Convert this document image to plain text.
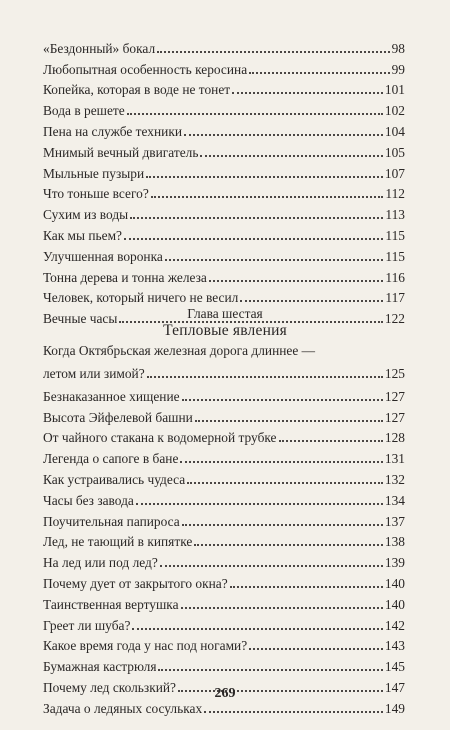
«Бездонный» бокал	98
Любопытная особенность керосина	99
Копейка, которая в воде не тонет	101
Вода в решете	102
Пена на службе техники	104
Мнимый вечный двигатель	105
Мыльные пузыри	107
Что тоньше всего?	112
Сухим из воды	113
Как мы пьем?	115
Улучшенная воронка	115
Тонна дерева и тонна железа	116
Человек, который ничего не весил	117
Вечные часы	122
Глава шестая
Тепловые явления
Когда Октябрьская железная дорога длиннее —
летом или зимой?	125
Безнаказанное хищение	127
Высота Эйфелевой башни	127
От чайного стакана к водомерной трубке	128
Легенда о сапоге в бане	131
Как устраивались чудеса	132
Часы без завода	134
Поучительная папироса	137
Лед, не тающий в кипятке	138
На лед или под лед?	139
Почему дует от закрытого окна?	140
Таинственная вертушка	140
Греет ли шуба?	142
Какое время года у нас под ногами?	143
Бумажная кастрюля	145
Почему лед скользкий?	147
Задача о ледяных сосульках	149
269
